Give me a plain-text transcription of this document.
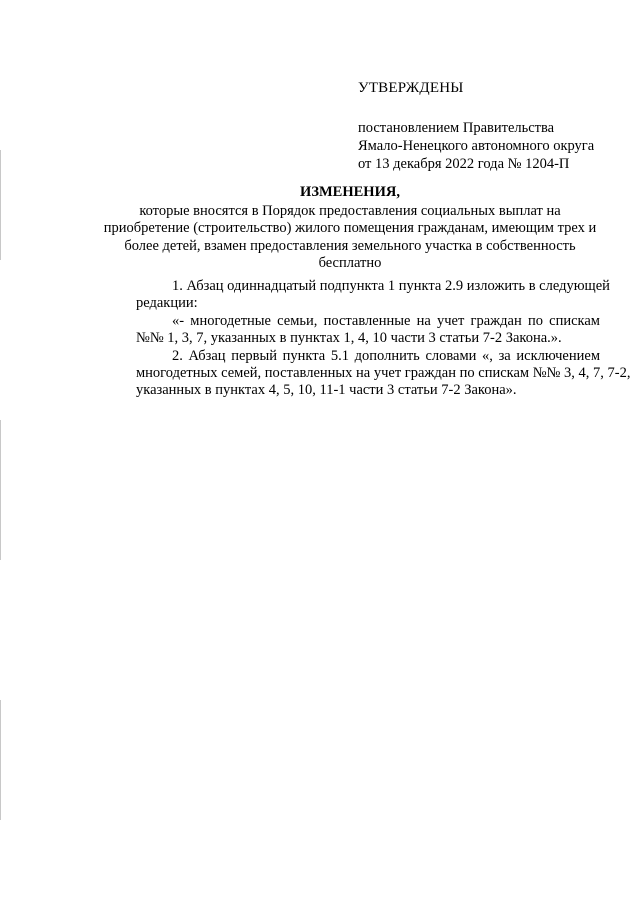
УТВЕРЖДЕНЫ
постановлением Правительства
Ямало-Ненецкого автономного округа
от 13 декабря 2022 года № 1204-П
ИЗМЕНЕНИЯ,
которые вносятся в Порядок предоставления социальных выплат на
приобретение (строительство) жилого помещения гражданам, имеющим трех и
более детей, взамен предоставления земельного участка в собственность
бесплатно
1. Абзац одиннадцатый подпункта 1 пункта 2.9 изложить в следующей
редакции:
«- многодетные семьи, поставленные на учет граждан по спискам
№№ 1, 3, 7, указанных в пунктах 1, 4, 10 части 3 статьи 7-2 Закона.».
2. Абзац первый пункта 5.1 дополнить словами «, за исключением
многодетных семей, поставленных на учет граждан по спискам №№ 3, 4, 7, 7-2,
указанных в пунктах 4, 5, 10, 11-1 части 3 статьи 7-2 Закона».
